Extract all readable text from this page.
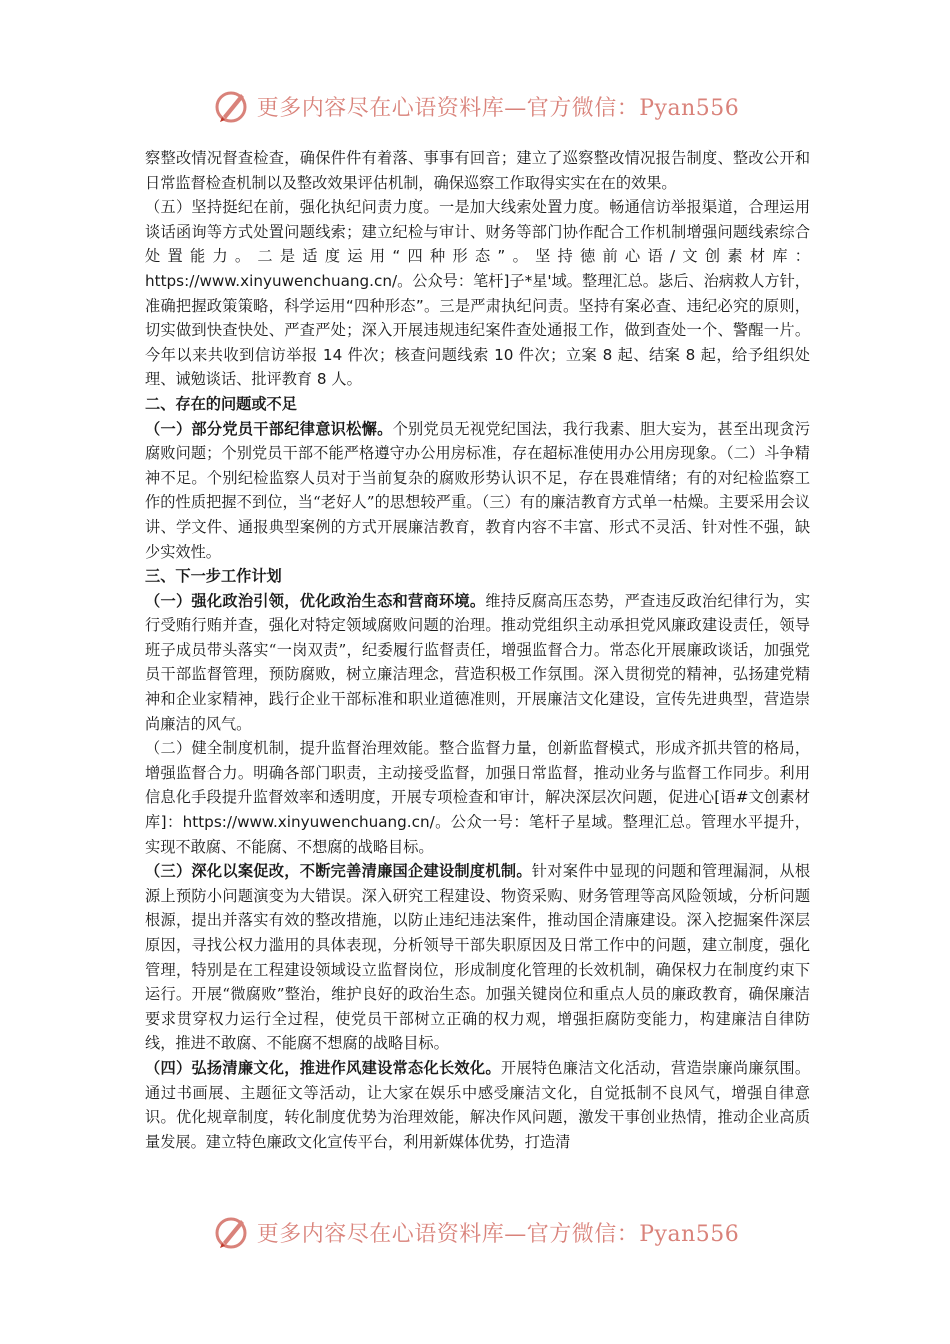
更多内容尽在心语资料库—官方微信：Pyan556

察整改情况督查检查，确保件件有着落、事事有回音；建立了巡察整改情况报告制度、整改公开和日常监督检查机制以及整改效果评估机制，确保巡察工作取得实实在在的效果。

（五）坚持挺纪在前，强化执纪问责力度。一是加大线索处置力度。畅通信访举报渠道，合理运用谈话函询等方式处置问题线索；建立纪检与审计、财务等部门协作配合工作机制增强问题线索综合处置能力。二是适度运用“四种形态”。坚持徳前心语/文创素材库：https://www.xinyuwenchuang.cn/。公众号：笔杆]子*星'域。整理汇总。毖后、治病救人方针，准确把握政策策略，科学运用“四种形态”。三是严肃执纪问责。坚持有案必查、违纪必究的原则，切实做到快查快处、严查严处；深入开展违规违纪案件查处通报工作，做到查处一个、警醒一片。今年以来共收到信访举报 14 件次；核查问题线索 10 件次；立案 8 起、结案 8 起，给予组织处理、诫勉谈话、批评教育 8 人。

二、存在的问题或不足

（一）部分党员干部纪律意识松懈。个别党员无视党纪国法，我行我素、胆大妄为，甚至出现贪污腐败问题；个别党员干部不能严格遵守办公用房标准，存在超标准使用办公用房现象。（二）斗争精神不足。个别纪检监察人员对于当前复杂的腐败形势认识不足，存在畏难情绪；有的对纪检监察工作的性质把握不到位，当“老好人”的思想较严重。（三）有的廉洁教育方式单一枯燥。主要采用会议讲、学文件、通报典型案例的方式开展廉洁教育，教育内容不丰富、形式不灵活、针对性不强，缺少实效性。

三、下一步工作计划

（一）强化政治引领，优化政治生态和营商环境。维持反腐高压态势，严查违反政治纪律行为，实行受贿行贿并查，强化对特定领域腐败问题的治理。推动党组织主动承担党风廉政建设责任，领导班子成员带头落实“一岗双责”，纪委履行监督责任，增强监督合力。常态化开展廉政谈话，加强党员干部监督管理，预防腐败，树立廉洁理念，营造积极工作氛围。深入贯彻党的精神，弘扬建党精神和企业家精神，践行企业干部标准和职业道德准则，开展廉洁文化建设，宣传先进典型，营造崇尚廉洁的风气。

（二）健全制度机制，提升监督治理效能。整合监督力量，创新监督模式，形成齐抓共管的格局，增强监督合力。明确各部门职责，主动接受监督，加强日常监督，推动业务与监督工作同步。利用信息化手段提升监督效率和透明度，开展专项检查和审计，解决深层次问题，促进心[语#文创素材库]：https://www.xinyuwenchuang.cn/。公众一号：笔杆子星域。整理汇总。管理水平提升，实现不敢腐、不能腐、不想腐的战略目标。

（三）深化以案促改，不断完善清廉国企建设制度机制。针对案件中显现的问题和管理漏洞，从根源上预防小问题演变为大错误。深入研究工程建设、物资采购、财务管理等高风险领域，分析问题根源，提出并落实有效的整改措施，以防止违纪违法案件，推动国企清廉建设。深入挖掘案件深层原因，寻找公权力滥用的具体表现，分析领导干部失职原因及日常工作中的问题，建立制度，强化管理，特别是在工程建设领域设立监督岗位，形成制度化管理的长效机制，确保权力在制度约束下运行。开展“微腐败”整治，维护良好的政治生态。加强关键岗位和重点人员的廉政教育，确保廉洁要求贯穿权力运行全过程，使党员干部树立正确的权力观，增强拒腐防变能力，构建廉洁自律防线，推进不敢腐、不能腐不想腐的战略目标。

（四）弘扬清廉文化，推进作风建设常态化长效化。开展特色廉洁文化活动，营造崇廉尚廉氛围。通过书画展、主题征文等活动，让大家在娱乐中感受廉洁文化，自觉抵制不良风气，增强自律意识。优化规章制度，转化制度优势为治理效能，解决作风问题，激发干事创业热情，推动企业高质量发展。建立特色廉政文化宣传平台，利用新媒体优势，打造清

更多内容尽在心语资料库—官方微信：Pyan556
